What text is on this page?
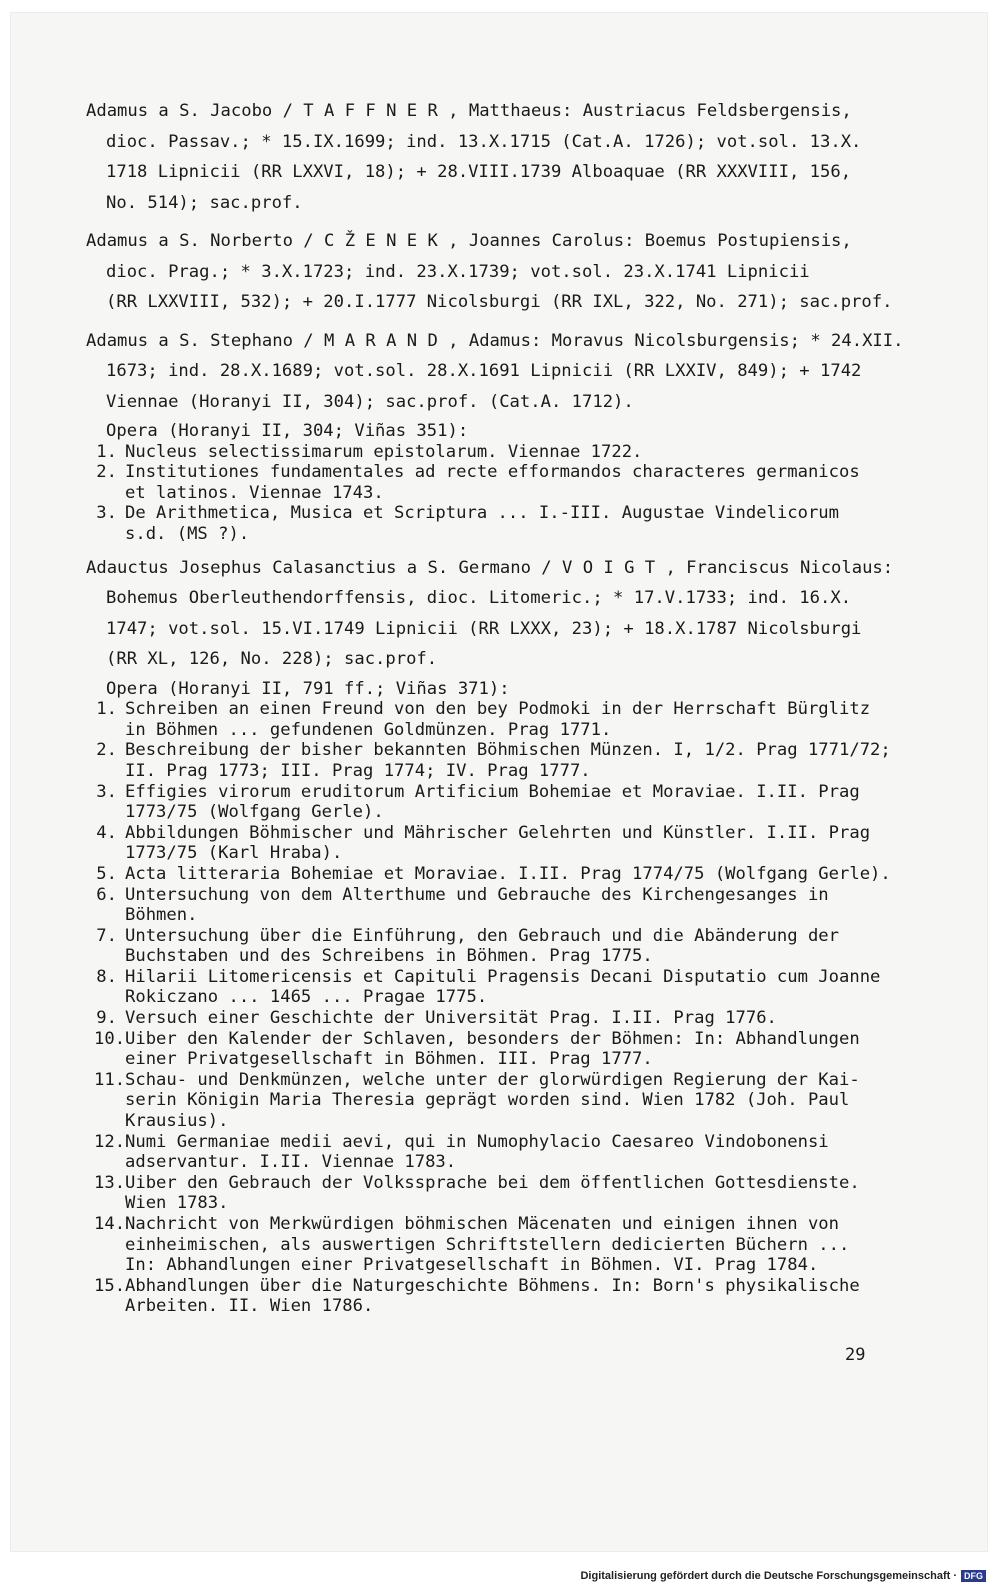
Adamus a S. Jacobo / T A F F N E R , Matthaeus: Austriacus Feldsbergensis,
dioc. Passav.; * 15.IX.1699; ind. 13.X.1715 (Cat.A. 1726); vot.sol. 13.X.
1718 Lipnicii (RR LXXVI, 18); + 28.VIII.1739 Alboaquae (RR XXXVIII, 156,
No. 514); sac.prof.
Adamus a S. Norberto / C Ž E N E K , Joannes Carolus: Boemus Postupiensis,
dioc. Prag.; * 3.X.1723; ind. 23.X.1739; vot.sol. 23.X.1741 Lipnicii
(RR LXXVIII, 532); + 20.I.1777 Nicolsburgi (RR IXL, 322, No. 271); sac.prof.
Adamus a S. Stephano / M A R A N D , Adamus: Moravus Nicolsburgensis; * 24.XII.
1673; ind. 28.X.1689; vot.sol. 28.X.1691 Lipnicii (RR LXXIV, 849); + 1742
Viennae (Horanyi II, 304); sac.prof. (Cat.A. 1712).
Opera (Horanyi II, 304; Viñas 351):
1. Nucleus selectissimarum epistolarum. Viennae 1722.
2. Institutiones fundamentales ad recte efformandos characteres germanicos
et latinos. Viennae 1743.
3. De Arithmetica, Musica et Scriptura ... I.-III. Augustae Vindelicorum
s.d. (MS ?).
Adauctus Josephus Calasanctius a S. Germano / V O I G T , Franciscus Nicolaus:
Bohemus Oberleuthendorffensis, dioc. Litomeric.; * 17.V.1733; ind. 16.X.
1747; vot.sol. 15.VI.1749 Lipnicii (RR LXXX, 23); + 18.X.1787 Nicolsburgi
(RR XL, 126, No. 228); sac.prof.
Opera (Horanyi II, 791 ff.; Viñas 371):
1. Schreiben an einen Freund von den bey Podmoki in der Herrschaft Bürglitz
in Böhmen ... gefundenen Goldmünzen. Prag 1771.
2. Beschreibung der bisher bekannten Böhmischen Münzen. I, 1/2. Prag 1771/72;
II. Prag 1773; III. Prag 1774; IV. Prag 1777.
3. Effigies virorum eruditorum Artificium Bohemiae et Moraviae. I.II. Prag
1773/75 (Wolfgang Gerle).
4. Abbildungen Böhmischer und Mährischer Gelehrten und Künstler. I.II. Prag
1773/75 (Karl Hraba).
5. Acta litteraria Bohemiae et Moraviae. I.II. Prag 1774/75 (Wolfgang Gerle).
6. Untersuchung von dem Alterthume und Gebrauche des Kirchengesanges in
Böhmen.
7. Untersuchung über die Einführung, den Gebrauch und die Abänderung der
Buchstaben und des Schreibens in Böhmen. Prag 1775.
8. Hilarii Litomericensis et Capituli Pragensis Decani Disputatio cum Joanne
Rokiczano ... 1465 ... Pragae 1775.
9. Versuch einer Geschichte der Universität Prag. I.II. Prag 1776.
10. Uiber den Kalender der Schlaven, besonders der Böhmen: In: Abhandlungen
einer Privatgesellschaft in Böhmen. III. Prag 1777.
11. Schau- und Denkmünzen, welche unter der glorwürdigen Regierung der Kai-
serin Königin Maria Theresia geprägt worden sind. Wien 1782 (Joh. Paul
Krausius).
12. Numi Germaniae medii aevi, qui in Numophylacio Caesareo Vindobonensi
adservantur. I.II. Viennae 1783.
13. Uiber den Gebrauch der Volkssprache bei dem öffentlichen Gottesdienste.
Wien 1783.
14. Nachricht von Merkwürdigen böhmischen Mäcenaten und einigen ihnen von
einheimischen, als auswertigen Schriftstellern dedicierten Büchern ...
In: Abhandlungen einer Privatgesellschaft in Böhmen. VI. Prag 1784.
15. Abhandlungen über die Naturgeschichte Böhmens. In: Born's physikalische
Arbeiten. II. Wien 1786.
29
Digitalisierung gefördert durch die Deutsche Forschungsgemeinschaft · DFG
